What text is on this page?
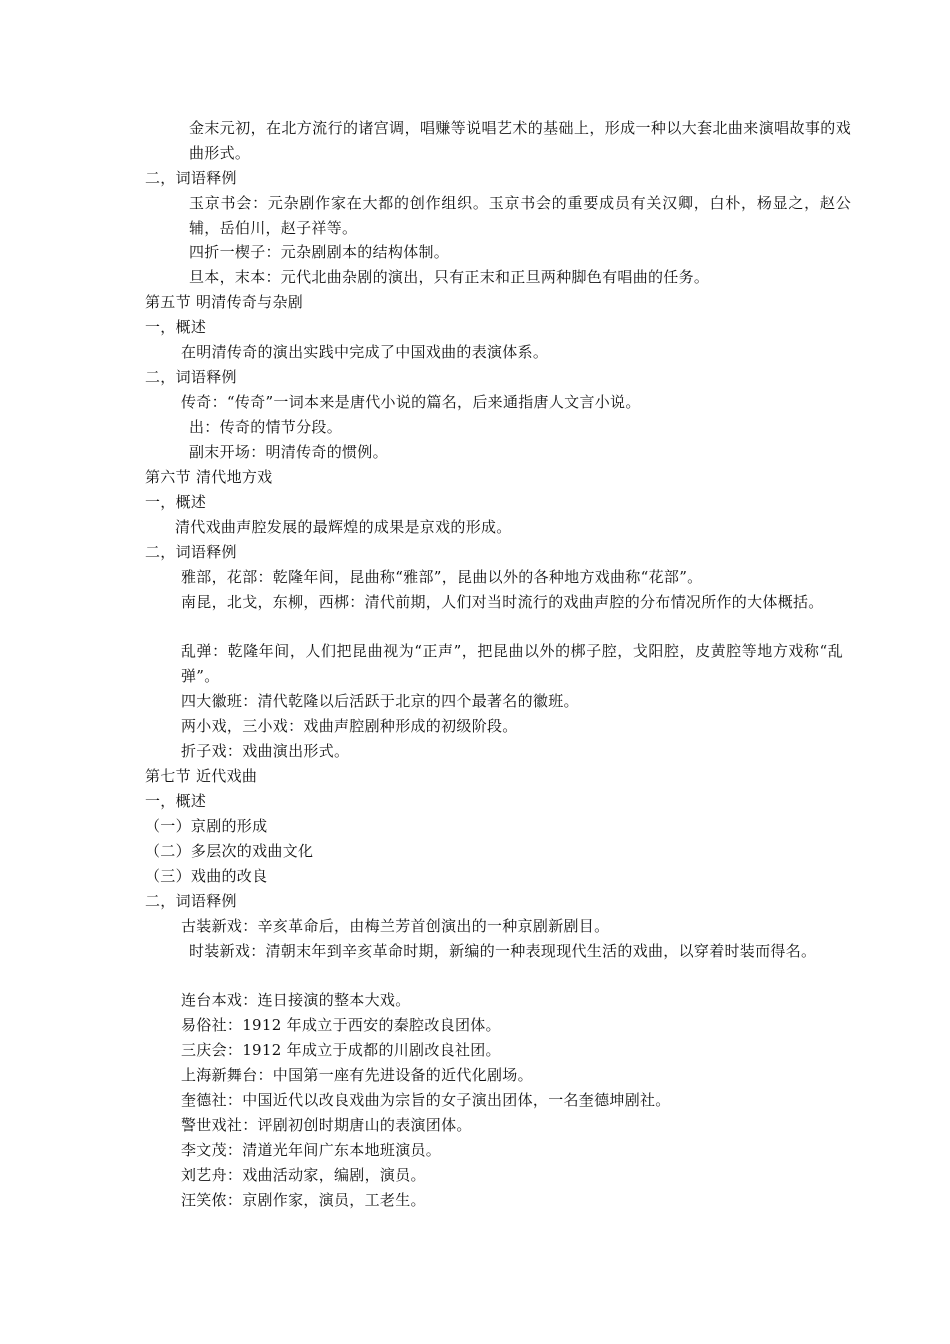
金末元初，在北方流行的诸宫调，唱赚等说唱艺术的基础上，形成一种以大套北曲来演唱故事的戏曲形式。
二，词语释例
玉京书会：元杂剧作家在大都的创作组织。玉京书会的重要成员有关汉卿，白朴，杨显之，赵公辅，岳伯川，赵子祥等。
四折一楔子：元杂剧剧本的结构体制。
旦本，末本：元代北曲杂剧的演出，只有正末和正旦两种脚色有唱曲的任务。
第五节 明清传奇与杂剧
一，概述
在明清传奇的演出实践中完成了中国戏曲的表演体系。
二，词语释例
传奇：“传奇”一词本来是唐代小说的篇名，后来通指唐人文言小说。
出：传奇的情节分段。
副末开场：明清传奇的惯例。
第六节 清代地方戏
一，概述
清代戏曲声腔发展的最辉煌的成果是京戏的形成。
二，词语释例
雅部，花部：乾隆年间，昆曲称“雅部”，昆曲以外的各种地方戏曲称“花部”。
南昆，北戈，东柳，西梆：清代前期，人们对当时流行的戏曲声腔的分布情况所作的大体概括。
乱弹：乾隆年间，人们把昆曲视为“正声”，把昆曲以外的梆子腔，戈阳腔，皮黄腔等地方戏称“乱弹”。
四大徽班：清代乾隆以后活跃于北京的四个最著名的徽班。
两小戏，三小戏：戏曲声腔剧种形成的初级阶段。
折子戏：戏曲演出形式。
第七节 近代戏曲
一，概述
（一）京剧的形成
（二）多层次的戏曲文化
（三）戏曲的改良
二，词语释例
古装新戏：辛亥革命后，由梅兰芳首创演出的一种京剧新剧目。
时装新戏：清朝末年到辛亥革命时期，新编的一种表现现代生活的戏曲，以穿着时装而得名。
连台本戏：连日接演的整本大戏。
易俗社：1912 年成立于西安的秦腔改良团体。
三庆会：1912 年成立于成都的川剧改良社团。
上海新舞台：中国第一座有先进设备的近代化剧场。
奎德社：中国近代以改良戏曲为宗旨的女子演出团体，一名奎德坤剧社。
警世戏社：评剧初创时期唐山的表演团体。
李文茂：清道光年间广东本地班演员。
刘艺舟：戏曲活动家，编剧，演员。
汪笑侬：京剧作家，演员，工老生。
